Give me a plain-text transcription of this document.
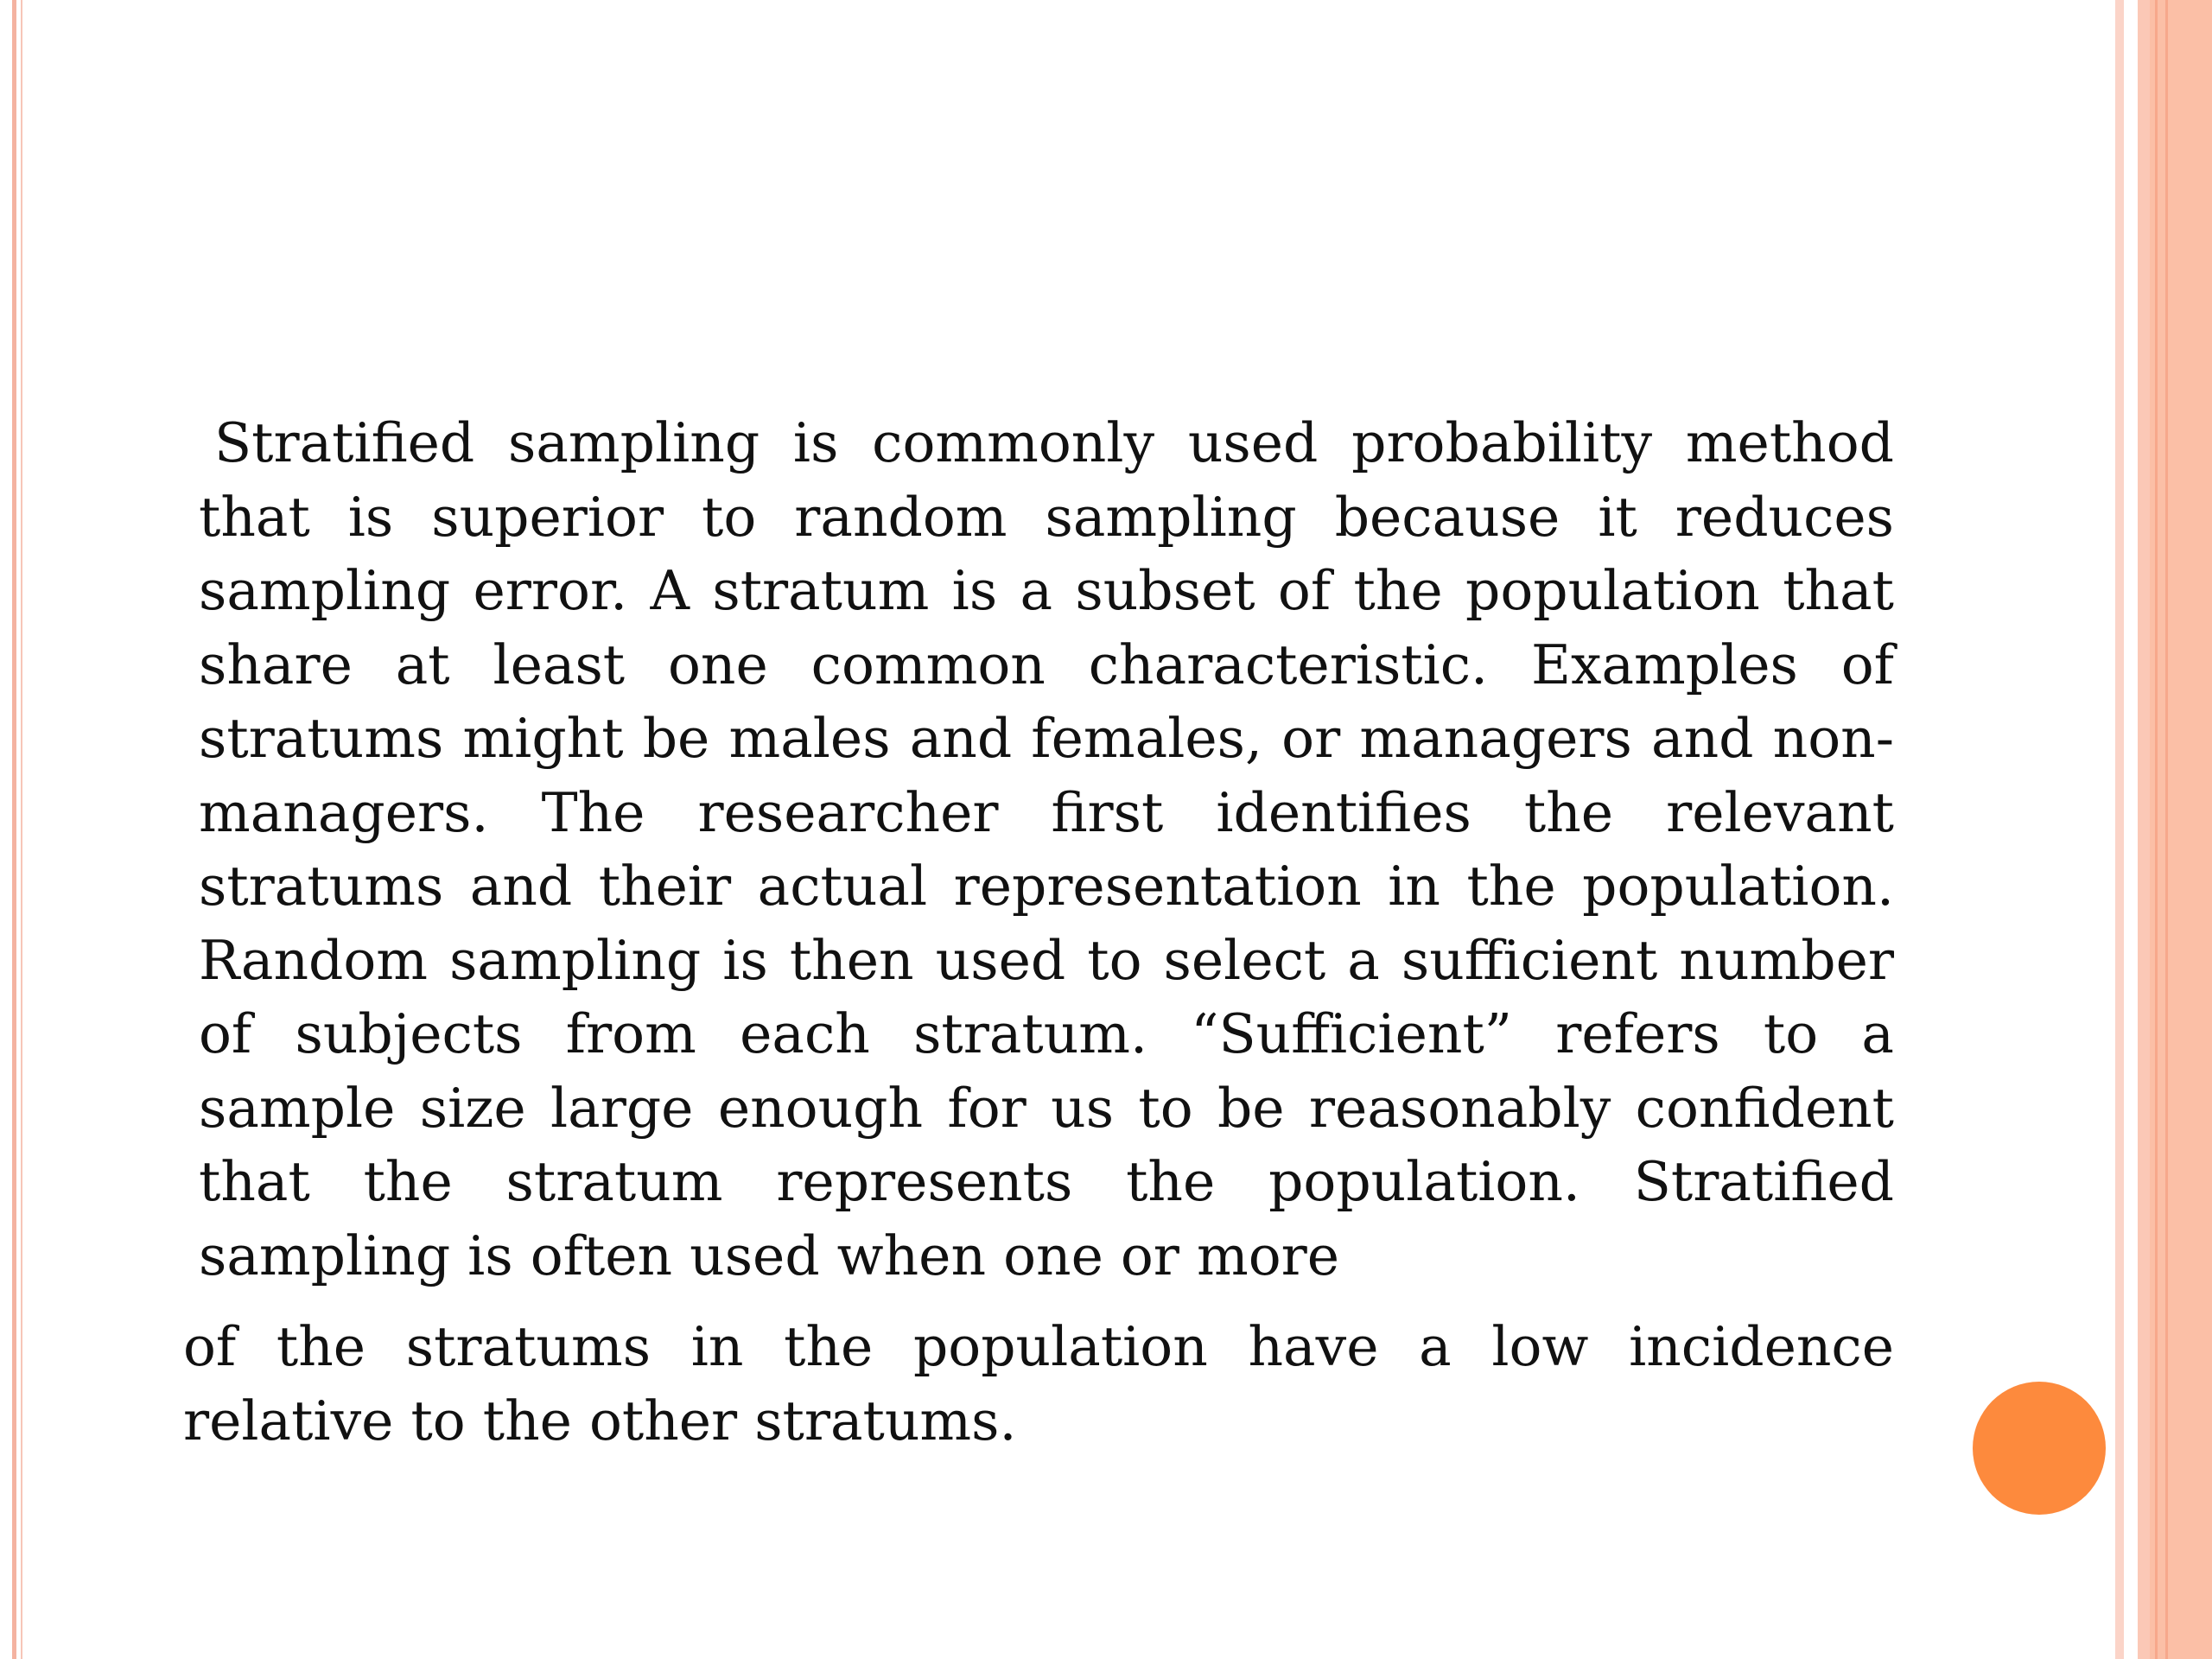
Stratified sampling is commonly used probability method that is superior to random sampling because it reduces sampling error. A stratum is a subset of the population that share at least one common characteristic. Examples of stratums might be males and females, or managers and non-managers. The researcher first identifies the relevant stratums and their actual representation in the population. Random sampling is then used to select a sufficient number of subjects from each stratum. “Sufficient” refers to a sample size large enough for us to be reasonably confident that the stratum represents the population. Stratified sampling is often used when one or more

of the stratums in the population have a low incidence relative to the other stratums.
